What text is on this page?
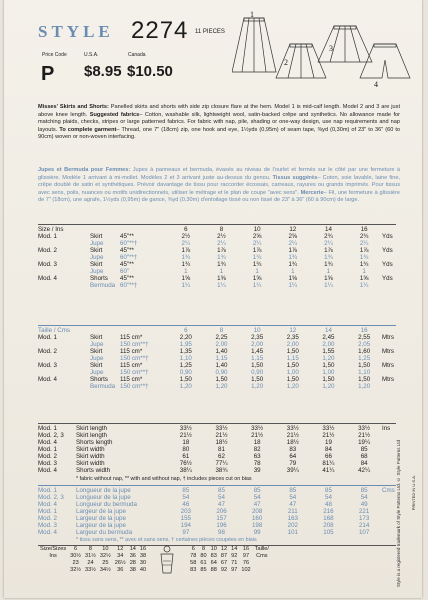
STYLE 2274 11 PIECES
Price Code	U.S.A.	Canada
P $8.95 $10.50
1
2
3
4
Misses' Skirts and Shorts: Panelled skirts and shorts with side zip closure flare at the hem. Model 1 is mid-calf length. Model 2 and 3 are just above knee length. Suggested fabrics– Cotton, washable silk, lightweight wool, satin-backed crêpe and synthetics. No allowance made for matching plaids, checks, stripes or large patterned fabrics. For fabric with nap, pile, shading or one-way design, use nap requirements and nap layouts. To complete garment– Thread, one 7" (18cm) zip, one hook and eye, 1½yds (0,95m) of seam tape, ⅜yd (0,30m) of 23" to 36" (60 to 90cm) woven or non-woven interfacing.
Jupes et Bermuda pour Femmes: Jupes à panneaux et bermuda, évasés au niveau de l'ourlet et fermés sur le côté par une fermeture à glissière. Modèle 1 arrivant à mi-mollet. Modèles 2 et 3 arrivant juste au-dessus du genou. Tissus suggérés– Coton, soie lavable, laine fine, crêpe doublé de satin et synthétiques. Prévoir davantage de tissu pour raccorder écossais, carreaux, rayures ou grands imprimés. Pour tissus avec sens, poils, nuances ou motifs unidirectionnels, utiliser le métrage et le plan de coupe "avec sens". Mercerie– Fil, une fermeture à glissière de 7" (18cm), une agrafe, 1½yds (0,95m) de gance, ⅜yd (0,30m) d'entoilage tissé ou non tissé de 23" à 36" (60 à 90cm) de large.
Size / Ins			6	8	10	12	14	16	
Mod. 1	Skirt	45"**	2½	2½	2⅝	2⅝	2¾	2¾	Yds
	Jupe	60"**†	2¼	2¼	2¼	2¼	2¼	2¼	
Mod. 2	Skirt	45"**	1⅞	1⅞	1⅞	1⅞	1⅞	1⅞	Yds
	Jupe	60"**†	1¾	1¾	1¾	1¾	1¾	1¾	
Mod. 3	Skirt	45"**	1¾	1¾	1¾	1¾	1¾	1¾	Yds
	Jupe	60"	1	1	1	1	1	1	
Mod. 4	Shorts	45"**	1⅝	1⅝	1⅝	1⅝	1⅝	1⅝	Yds
	Bermuda	60"**†	1¼	1¼	1¼	1¼	1¼	1¼	
Taille / Cms			6	8	10	12	14	16	
Mod. 1	Skirt	115 cm*	2,20	2,25	2,35	2,35	2,45	2,55	Mtrs
	Jupe	150 cm**†	1,95	2,00	2,00	2,00	2,00	2,05	
Mod. 2	Skirt	115 cm*	1,35	1,40	1,45	1,50	1,55	1,60	Mtrs
	Jupe	150 cm**†	1,10	1,15	1,15	1,15	1,20	1,25	
Mod. 3	Skirt	115 cm*	1,25	1,40	1,50	1,50	1,50	1,50	Mtrs
	Jupe	150 cm**†	0,90	0,90	0,90	1,00	1,00	1,10	
Mod. 4	Shorts	115 cm*	1,50	1,50	1,50	1,50	1,50	1,50	Mtrs
	Bermuda	150 cm**†	1,20	1,20	1,20	1,20	1,20	1,20	
Mod. 1	Skirt length	33½	33½	33½	33½	33½	33½	Ins
Mod. 2, 3	Skirt length	21½	21½	21½	21½	21½	21½	
Mod. 4	Shorts length	18	18½	18	18½	19	19¼	
Mod. 1	Skirt width	80	81	82	83	84	85	
Mod. 2	Skirt width	61	62	63	64	66	68	
Mod. 3	Skirt width	76½	77¼	78	79	81¼	84	
Mod. 4	Shorts width	38¼	38¾	39	39¼	41¼	42¼	
* fabric without nap, ** with and without nap, † includes pieces cut on bias
Mod. 1	Longueur de la jupe	85	85	85	85	85	85	Cms
Mod. 2, 3	Longueur de la jupe	54	54	54	54	54	54	
Mod. 4	Longueur du bermuda	46	47	47	47	48	49	
Mod. 1	Largeur de la jupe	203	206	208	211	216	221	
Mod. 2	Largeur de la jupe	155	157	160	163	168	173	
Mod. 3	Largeur de la jupe	194	196	198	202	208	214	
Mod. 4	Largeur du bermuda	97	98	99	101	105	107	
* tissu sans sens, ** avec et sans sens, † certaines pièces coupées en biais
Size/Sizes	6	8	10	12	14	16
Ins	30½	31½	32½	34	36	38
	23	24	25	26½	28	30
	32½	33½	34½	36	38	40
6	8	10	12	14	16	Taille/
78	80	83	87	92	97	Cms
58	61	64	67	71	76	
83	85	88	92	97	102		Style is a registered trademark of Style Patterns Ltd. © Style Patterns Ltd	PRINTED IN U.S.A.
